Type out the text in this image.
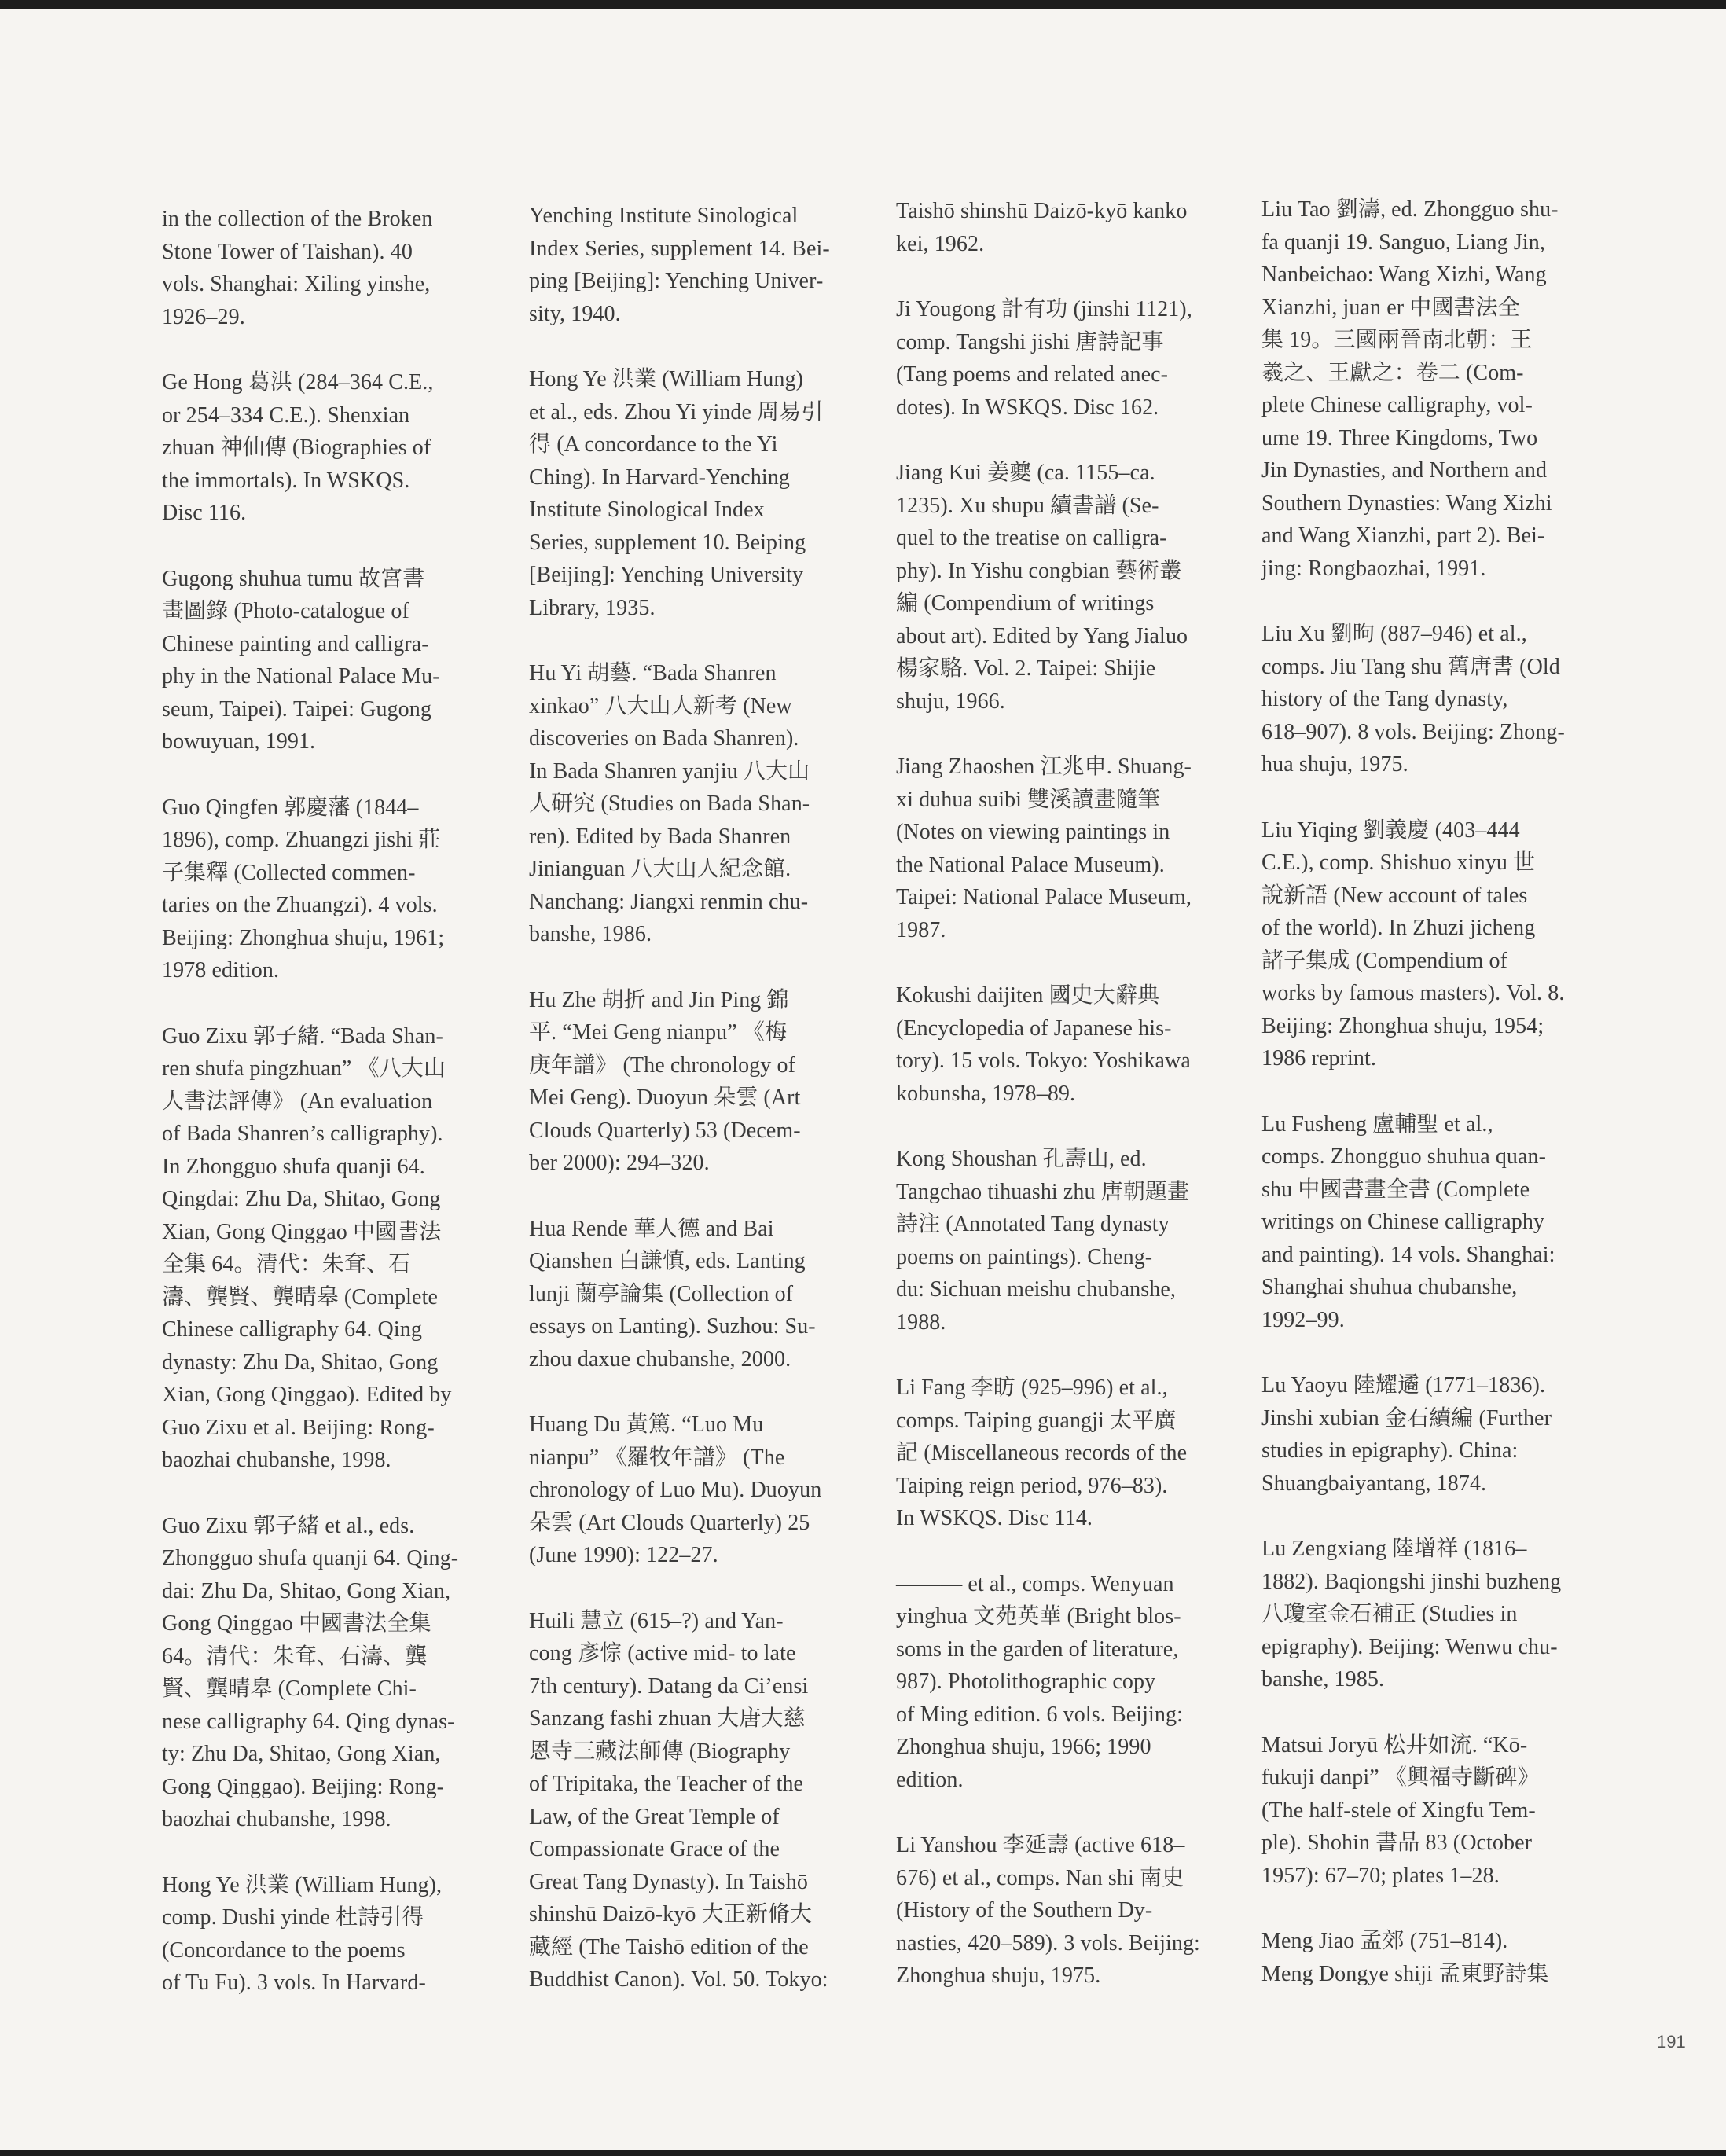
in the collection of the Broken
Stone Tower of Taishan). 40
vols. Shanghai: Xiling yinshe,
1926–29.

Ge Hong 葛洪 (284–364 C.E.,
or 254–334 C.E.). Shenxian
zhuan 神仙傳 (Biographies of
the immortals). In WSKQS.
Disc 116.

Gugong shuhua tumu 故宮書
畫圖錄 (Photo-catalogue of
Chinese painting and calligra-
phy in the National Palace Mu-
seum, Taipei). Taipei: Gugong
bowuyuan, 1991.

Guo Qingfen 郭慶藩 (1844–
1896), comp. Zhuangzi jishi 莊
子集釋 (Collected commen-
taries on the Zhuangzi). 4 vols.
Beijing: Zhonghua shuju, 1961;
1978 edition.

Guo Zixu 郭子緒. “Bada Shan-
ren shufa pingzhuan” 《八大山
人書法評傳》 (An evaluation
of Bada Shanren’s calligraphy).
In Zhongguo shufa quanji 64.
Qingdai: Zhu Da, Shitao, Gong
Xian, Gong Qinggao 中國書法
全集 64。清代：朱耷、石
濤、龔賢、龔晴皋 (Complete
Chinese calligraphy 64. Qing
dynasty: Zhu Da, Shitao, Gong
Xian, Gong Qinggao). Edited by
Guo Zixu et al. Beijing: Rong-
baozhai chubanshe, 1998.

Guo Zixu 郭子緒 et al., eds.
Zhongguo shufa quanji 64. Qing-
dai: Zhu Da, Shitao, Gong Xian,
Gong Qinggao 中國書法全集
64。清代：朱耷、石濤、龔
賢、龔晴皋 (Complete Chi-
nese calligraphy 64. Qing dynas-
ty: Zhu Da, Shitao, Gong Xian,
Gong Qinggao). Beijing: Rong-
baozhai chubanshe, 1998.

Hong Ye 洪業 (William Hung),
comp. Dushi yinde 杜詩引得
(Concordance to the poems
of Tu Fu). 3 vols. In Harvard-

Yenching Institute Sinological
Index Series, supplement 14. Bei-
ping [Beijing]: Yenching Univer-
sity, 1940.

Hong Ye 洪業 (William Hung)
et al., eds. Zhou Yi yinde 周易引
得 (A concordance to the Yi
Ching). In Harvard-Yenching
Institute Sinological Index
Series, supplement 10. Beiping
[Beijing]: Yenching University
Library, 1935.

Hu Yi 胡藝. “Bada Shanren
xinkao” 八大山人新考 (New
discoveries on Bada Shanren).
In Bada Shanren yanjiu 八大山
人研究 (Studies on Bada Shan-
ren). Edited by Bada Shanren
Jinianguan 八大山人紀念館.
Nanchang: Jiangxi renmin chu-
banshe, 1986.

Hu Zhe 胡折 and Jin Ping 錦
平. “Mei Geng nianpu” 《梅
庚年譜》 (The chronology of
Mei Geng). Duoyun 朵雲 (Art
Clouds Quarterly) 53 (Decem-
ber 2000): 294–320.

Hua Rende 華人德 and Bai
Qianshen 白謙慎, eds. Lanting
lunji 蘭亭論集 (Collection of
essays on Lanting). Suzhou: Su-
zhou daxue chubanshe, 2000.

Huang Du 黃篤. “Luo Mu
nianpu” 《羅牧年譜》 (The
chronology of Luo Mu). Duoyun
朵雲 (Art Clouds Quarterly) 25
(June 1990): 122–27.

Huili 慧立 (615–?) and Yan-
cong 彥悰 (active mid- to late
7th century). Datang da Ci’ensi
Sanzang fashi zhuan 大唐大慈
恩寺三藏法師傳 (Biography
of Tripitaka, the Teacher of the
Law, of the Great Temple of
Compassionate Grace of the
Great Tang Dynasty). In Taishō
shinshū Daizō-kyō 大正新脩大
藏經 (The Taishō edition of the
Buddhist Canon). Vol. 50. Tokyo:

Taishō shinshū Daizō-kyō kanko
kei, 1962.

Ji Yougong 計有功 (jinshi 1121),
comp. Tangshi jishi 唐詩記事
(Tang poems and related anec-
dotes). In WSKQS. Disc 162.

Jiang Kui 姜夔 (ca. 1155–ca.
1235). Xu shupu 續書譜 (Se-
quel to the treatise on calligra-
phy). In Yishu congbian 藝術叢
編 (Compendium of writings
about art). Edited by Yang Jialuo
楊家駱. Vol. 2. Taipei: Shijie
shuju, 1966.

Jiang Zhaoshen 江兆申. Shuang-
xi duhua suibi 雙溪讀畫隨筆
(Notes on viewing paintings in
the National Palace Museum).
Taipei: National Palace Museum,
1987.

Kokushi daijiten 國史大辭典
(Encyclopedia of Japanese his-
tory). 15 vols. Tokyo: Yoshikawa
kobunsha, 1978–89.

Kong Shoushan 孔壽山, ed.
Tangchao tihuashi zhu 唐朝題畫
詩注 (Annotated Tang dynasty
poems on paintings). Cheng-
du: Sichuan meishu chubanshe,
1988.

Li Fang 李昉 (925–996) et al.,
comps. Taiping guangji 太平廣
記 (Miscellaneous records of the
Taiping reign period, 976–83).
In WSKQS. Disc 114.

——— et al., comps. Wenyuan
yinghua 文苑英華 (Bright blos-
soms in the garden of literature,
987). Photolithographic copy
of Ming edition. 6 vols. Beijing:
Zhonghua shuju, 1966; 1990
edition.

Li Yanshou 李延壽 (active 618–
676) et al., comps. Nan shi 南史
(History of the Southern Dy-
nasties, 420–589). 3 vols. Beijing:
Zhonghua shuju, 1975.

Liu Tao 劉濤, ed. Zhongguo shu-
fa quanji 19. Sanguo, Liang Jin,
Nanbeichao: Wang Xizhi, Wang
Xianzhi, juan er 中國書法全
集 19。三國兩晉南北朝：王
羲之、王獻之：卷二 (Com-
plete Chinese calligraphy, vol-
ume 19. Three Kingdoms, Two
Jin Dynasties, and Northern and
Southern Dynasties: Wang Xizhi
and Wang Xianzhi, part 2). Bei-
jing: Rongbaozhai, 1991.

Liu Xu 劉昫 (887–946) et al.,
comps. Jiu Tang shu 舊唐書 (Old
history of the Tang dynasty,
618–907). 8 vols. Beijing: Zhong-
hua shuju, 1975.

Liu Yiqing 劉義慶 (403–444
C.E.), comp. Shishuo xinyu 世
說新語 (New account of tales
of the world). In Zhuzi jicheng
諸子集成 (Compendium of
works by famous masters). Vol. 8.
Beijing: Zhonghua shuju, 1954;
1986 reprint.

Lu Fusheng 盧輔聖 et al.,
comps. Zhongguo shuhua quan-
shu 中國書畫全書 (Complete
writings on Chinese calligraphy
and painting). 14 vols. Shanghai:
Shanghai shuhua chubanshe,
1992–99.

Lu Yaoyu 陸耀遹 (1771–1836).
Jinshi xubian 金石續編 (Further
studies in epigraphy). China:
Shuangbaiyantang, 1874.

Lu Zengxiang 陸增祥 (1816–
1882). Baqiongshi jinshi buzheng
八瓊室金石補正 (Studies in
epigraphy). Beijing: Wenwu chu-
banshe, 1985.

Matsui Joryū 松井如流. “Kō-
fukuji danpi” 《興福寺斷碑》
(The half-stele of Xingfu Tem-
ple). Shohin 書品 83 (October
1957): 67–70; plates 1–28.

Meng Jiao 孟郊 (751–814).
Meng Dongye shiji 孟東野詩集

191
